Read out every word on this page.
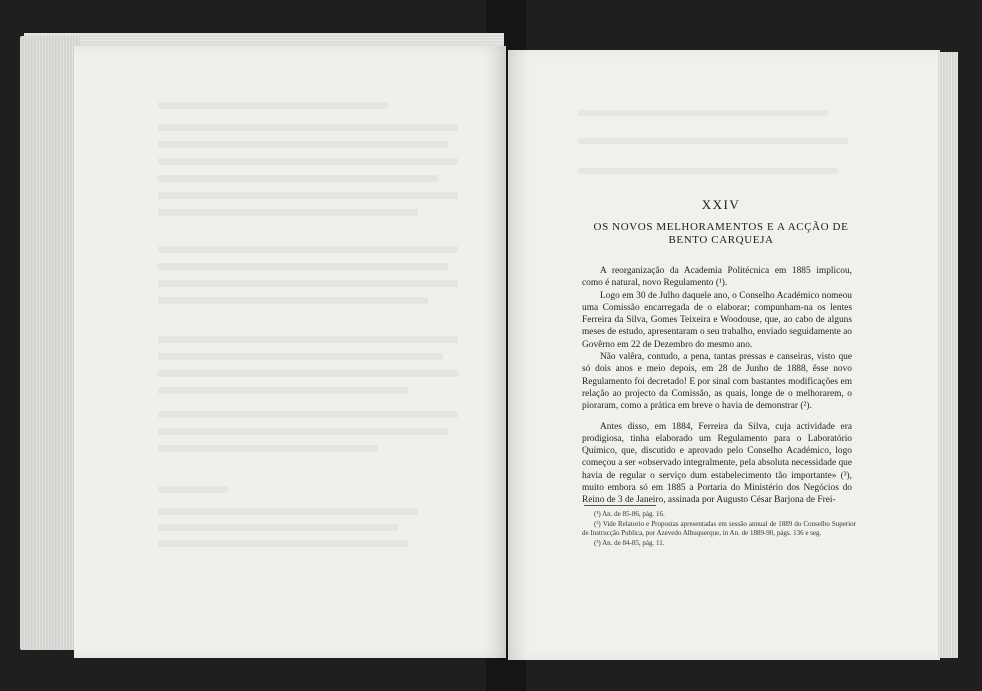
XXIV
OS NOVOS MELHORAMENTOS E A ACÇÃO DE BENTO CARQUEJA

A reorganização da Academia Politécnica em 1885 implicou, como é natural, novo Regulamento (¹).

Logo em 30 de Julho daquele ano, o Conselho Académico nomeou uma Comissão encarregada de o elaborar; compunham-na os lentes Ferreira da Silva, Gomes Teixeira e Woodouse, que, ao cabo de alguns meses de estudo, apresentaram o seu trabalho, enviado seguidamente ao Govêrno em 22 de Dezembro do mesmo ano.

Não valêra, contudo, a pena, tantas pressas e canseiras, visto que só dois anos e meio depois, em 28 de Junho de 1888, êsse novo Regulamento foi decretado! E por sinal com bastantes modificações em relação ao projecto da Comissão, as quais, longe de o melhorarem, o pioraram, como a prática em breve o havia de demonstrar (²).

Antes disso, em 1884, Ferreira da Silva, cuja actividade era prodigiosa, tinha elaborado um Regulamento para o Laboratório Químico, que, discutido e aprovado pelo Conselho Académico, logo começou a ser «observado integralmente, pela absoluta necessidade que havia de regular o serviço dum estabelecimento tão importante» (³), muito embora só em 1885 a Portaria do Ministério dos Negócios do Reino de 3 de Janeiro, assinada por Augusto César Barjona de Frei-

(¹) An. de 85-86, pág. 16.

(²) Vide Relatorio e Propostas apresentadas em sessão annual de 1889 do Conselho Superior de Instrucção Publica, por Azevedo Albuquerque, in An. de 1889-90, págs. 136 e seg.

(³) An. de 84-85, pág. 11.
